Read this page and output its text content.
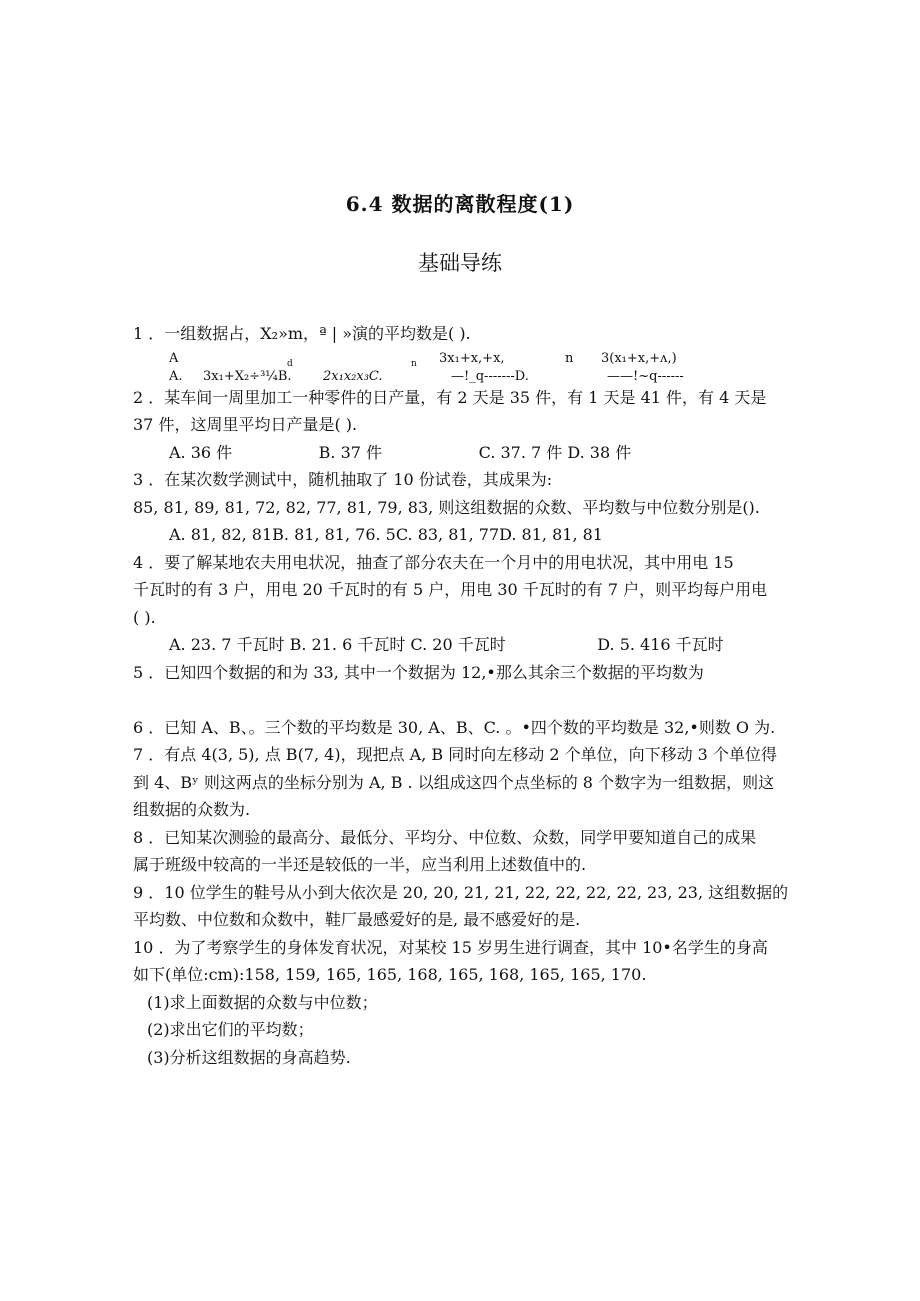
6.4 数据的离散程度(1)
基础导练
1 ．一组数据占，X₂»m，ª | »演的平均数是( ).
A	d	n 3x₁+x,+x,	n 3(x₁+x,+ʌ,)
A. 3x₁+X₂÷³¼B. 2x₁x₂x₃C.	—!_q-------D.	——!~q------
2 ．某车间一周里加工一种零件的日产量，有 2 天是 35 件，有 1 天是 41 件，有 4 天是
37 件，这周里平均日产量是( ).
A. 36 件                 B. 37 件                   C. 37. 7 件 D. 38 件
3 ．在某次数学测试中，随机抽取了 10 份试卷，其成果为:
85, 81, 89, 81, 72, 82, 77, 81, 79, 83, 则这组数据的众数、平均数与中位数分别是().
A. 81, 82, 81B. 81, 81, 76. 5C. 83, 81, 77D. 81, 81, 81
4 ．要了解某地农夫用电状况，抽查了部分农夫在一个月中的用电状况，其中用电 15
千瓦时的有 3 户，用电 20 千瓦时的有 5 户，用电 30 千瓦时的有 7 户，则平均每户用电
( ).
A. 23. 7 千瓦时 B. 21. 6 千瓦时 C. 20 千瓦时                  D. 5. 416 千瓦时
5 ．已知四个数据的和为 33, 其中一个数据为 12,•那么其余三个数据的平均数为
6 ．已知 A、B、。三个数的平均数是 30, A、B、C. 。•四个数的平均数是 32,•则数 O 为.
7 ．有点 4(3, 5), 点 B(7, 4)，现把点 A, B 同时向左移动 2 个单位，向下移动 3 个单位得
到 4、Bʸ 则这两点的坐标分别为 A, B . 以组成这四个点坐标的 8 个数字为一组数据，则这
组数据的众数为.
8 ．已知某次测验的最高分、最低分、平均分、中位数、众数，同学甲要知道自己的成果
属于班级中较高的一半还是较低的一半，应当利用上述数值中的.
9 ．10 位学生的鞋号从小到大依次是 20, 20, 21, 21, 22, 22, 22, 22, 23, 23, 这组数据的
平均数、中位数和众数中，鞋厂最感爱好的是, 最不感爱好的是.
10 ．为了考察学生的身体发育状况，对某校 15 岁男生进行调查，其中 10•名学生的身高
如下(单位:cm):158, 159, 165, 165, 168, 165, 168, 165, 165, 170.
(1)求上面数据的众数与中位数；
(2)求出它们的平均数；
(3)分析这组数据的身高趋势.
